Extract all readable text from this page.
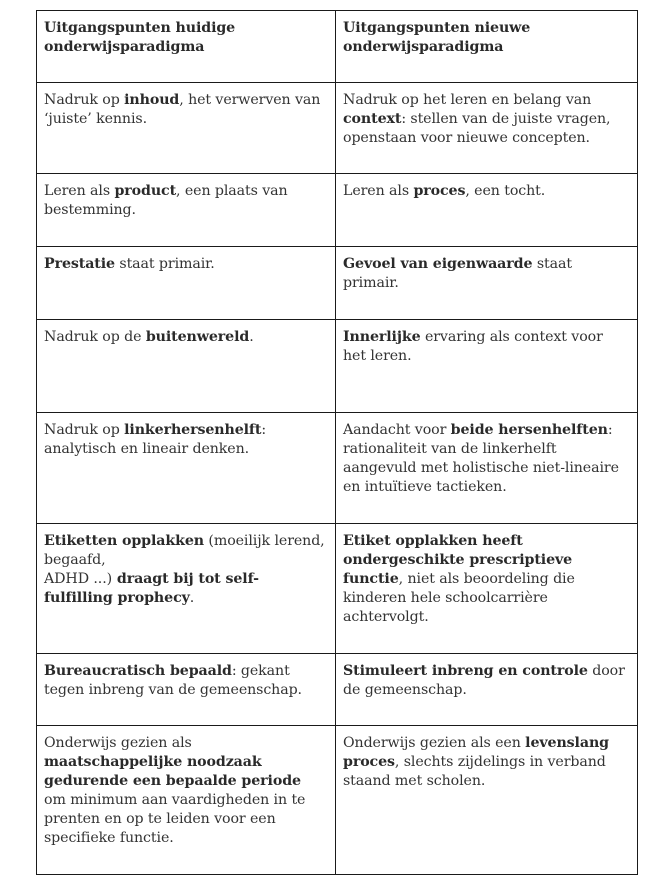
Uitgangspunten huidige onderwijsparadigma	Uitgangspunten nieuwe onderwijsparadigma
Nadruk op inhoud, het verwerven van ‘juiste’ kennis.	Nadruk op het leren en belang van context: stellen van de juiste vragen, openstaan voor nieuwe concepten.
Leren als product, een plaats van bestemming.	Leren als proces, een tocht.
Prestatie staat primair.	Gevoel van eigenwaarde staat primair.
Nadruk op de buitenwereld.	Innerlijke ervaring als context voor het leren.
Nadruk op linkerhersenhelft: analytisch en lineair denken.	Aandacht voor beide hersenhelften: rationaliteit van de linkerhelft aangevuld met holistische niet-lineaire en intuïtieve tactieken.
Etiketten opplakken (moeilijk lerend, begaafd,
ADHD ...) draagt bij tot self-fulfilling prophecy.	Etiket opplakken heeft ondergeschikte prescriptieve functie, niet als beoordeling die kinderen hele schoolcarrière achtervolgt.
Bureaucratisch bepaald: gekant tegen inbreng van de gemeenschap.	Stimuleert inbreng en controle door de gemeenschap.
Onderwijs gezien als maatschappelijke noodzaak gedurende een bepaalde periode om minimum aan vaardigheden in te prenten en op te leiden voor een specifieke functie.	Onderwijs gezien als een levenslang proces, slechts zijdelings in verband staand met scholen.
